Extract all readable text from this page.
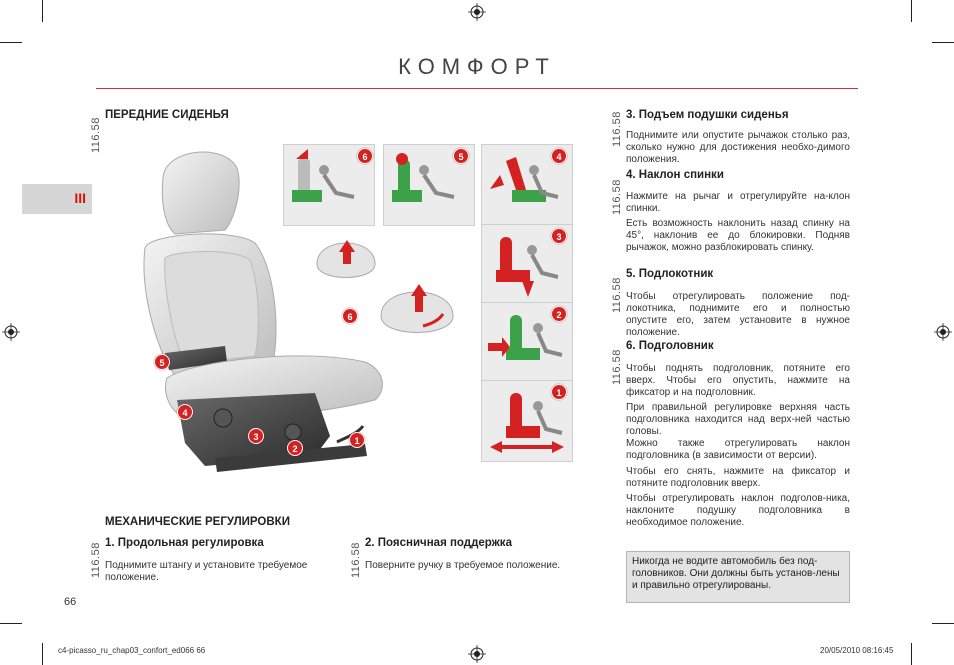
КОМФОРТ
III
116.58
ПЕРЕДНИЕ СИДЕНЬЯ
1
2
3
4
5
6
6	5	4
3
2
1
МЕХАНИЧЕСКИЕ РЕГУЛИРОВКИ
116.58 1. Продольная регулировка
Поднимите штангу и установите требуемое положение.	116.58 2. Поясничная поддержка
Поверните ручку в требуемое положение.
116.58 3. Подъем подушки сиденья
Поднимите или опустите рычажок столько раз, сколько нужно для достижения необхо-димого положения.
116.58
4. Наклон спинки
Нажмите на рычаг и отрегулируйте на-клон спинки.
Есть возможность наклонить назад спинку на 45°, наклонив ее до блокировки. Подняв рычажок, можно разблокировать спинку.
116.58
5. Подлокотник
Чтобы отрегулировать положение под-локотника, поднимите его и полностью опустите его, затем установите в нужное положение.
116.58
6. Подголовник
Чтобы поднять подголовник, потяните его вверх. Чтобы его опустить, нажмите на фиксатор и на подголовник.
При правильной регулировке верхняя часть подголовника находится над верх-ней частью головы.
Можно также отрегулировать наклон подголовника (в зависимости от версии).
Чтобы его снять, нажмите на фиксатор и потяните подголовник вверх.
Чтобы отрегулировать наклон подголов-ника, наклоните подушку подголовника в необходимое положение.
Никогда не водите автомобиль без под-головников. Они должны быть установ-лены и правильно отрегулированы.
66
c4-picasso_ru_chap03_confort_ed066 66	20/05/2010 08:16:45
